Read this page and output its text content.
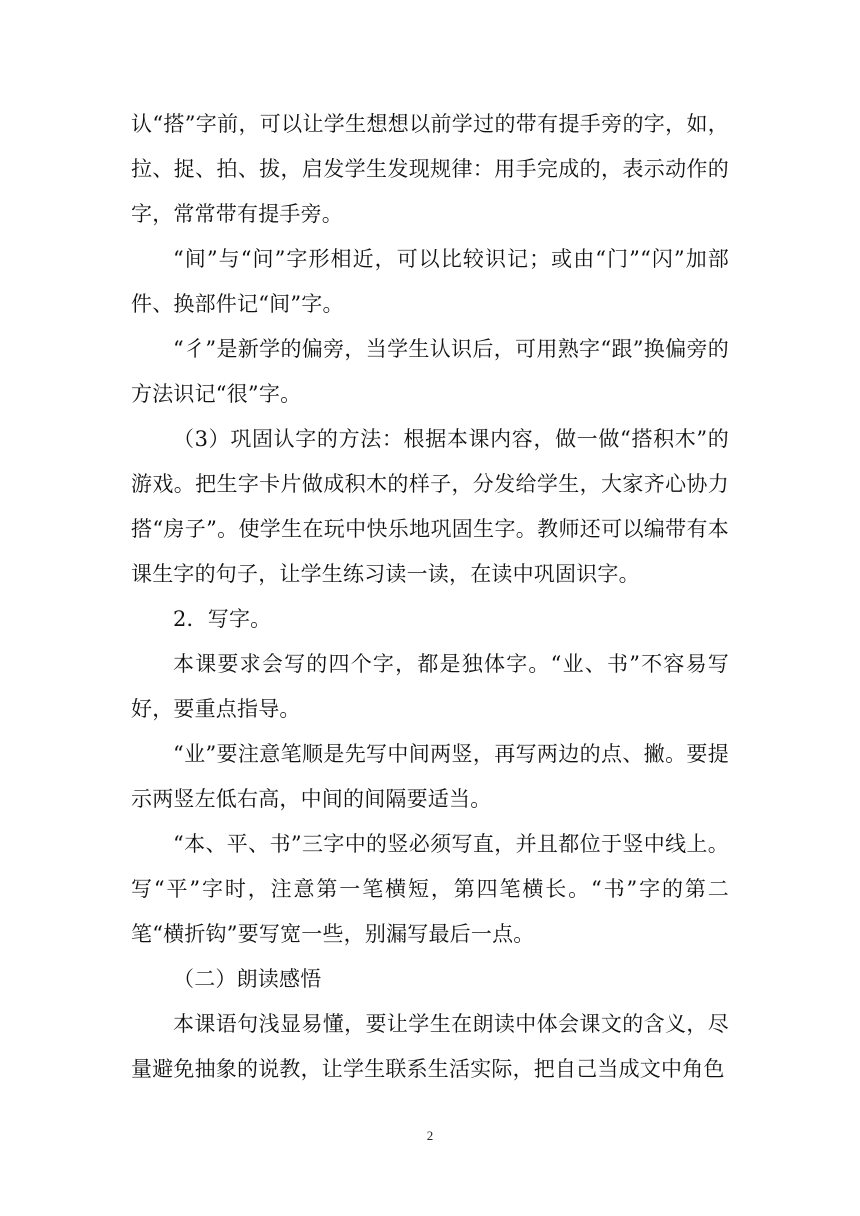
认“搭”字前，可以让学生想想以前学过的带有提手旁的字，如，拉、捉、拍、拔，启发学生发现规律：用手完成的，表示动作的字，常常带有提手旁。

“间”与“问”字形相近，可以比较识记；或由“门”“闪”加部件、换部件记“间”字。

“彳”是新学的偏旁，当学生认识后，可用熟字“跟”换偏旁的方法识记“很”字。

（3）巩固认字的方法：根据本课内容，做一做“搭积木”的游戏。把生字卡片做成积木的样子，分发给学生，大家齐心协力搭“房子”。使学生在玩中快乐地巩固生字。教师还可以编带有本课生字的句子，让学生练习读一读，在读中巩固识字。

2．写字。

本课要求会写的四个字，都是独体字。“业、书”不容易写好，要重点指导。

“业”要注意笔顺是先写中间两竖，再写两边的点、撇。要提示两竖左低右高，中间的间隔要适当。

“本、平、书”三字中的竖必须写直，并且都位于竖中线上。写“平”字时，注意第一笔横短，第四笔横长。“书”字的第二笔“横折钩”要写宽一些，别漏写最后一点。

（二）朗读感悟

本课语句浅显易懂，要让学生在朗读中体会课文的含义，尽量避免抽象的说教，让学生联系生活实际，把自己当成文中角色

2
